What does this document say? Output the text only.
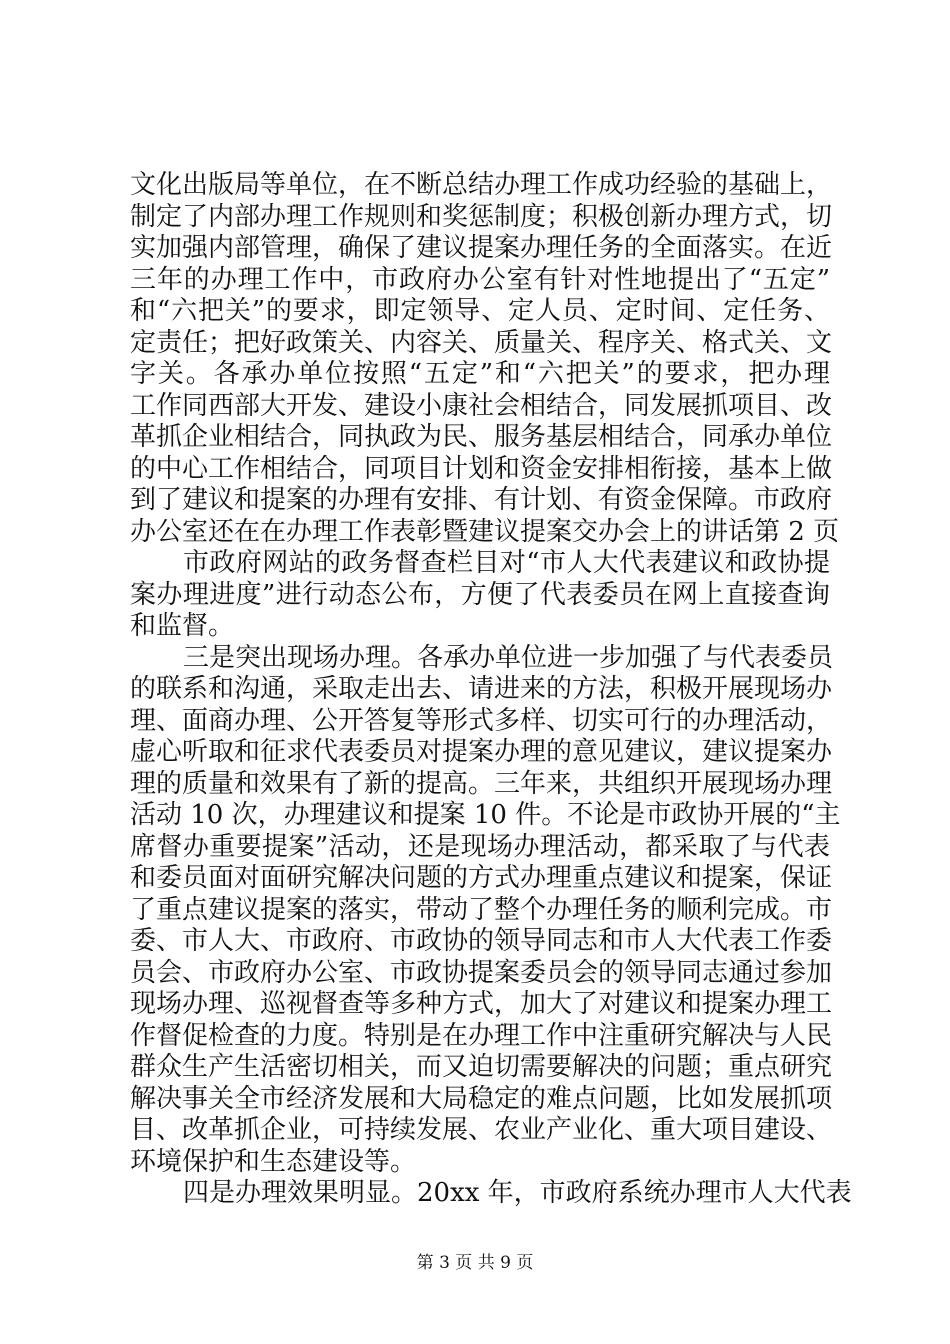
文化出版局等单位，在不断总结办理工作成功经验的基础上，
制定了内部办理工作规则和奖惩制度；积极创新办理方式，切
实加强内部管理，确保了建议提案办理任务的全面落实。在近
三年的办理工作中，市政府办公室有针对性地提出了“五定”
和“六把关”的要求，即定领导、定人员、定时间、定任务、
定责任；把好政策关、内容关、质量关、程序关、格式关、文
字关。各承办单位按照“五定”和“六把关”的要求，把办理
工作同西部大开发、建设小康社会相结合，同发展抓项目、改
革抓企业相结合，同执政为民、服务基层相结合，同承办单位
的中心工作相结合，同项目计划和资金安排相衔接，基本上做
到了建议和提案的办理有安排、有计划、有资金保障。市政府
办公室还在在办理工作表彰暨建议提案交办会上的讲话第 2 页
市政府网站的政务督查栏目对“市人大代表建议和政协提
案办理进度”进行动态公布，方便了代表委员在网上直接查询
和监督。
三是突出现场办理。各承办单位进一步加强了与代表委员
的联系和沟通，采取走出去、请进来的方法，积极开展现场办
理、面商办理、公开答复等形式多样、切实可行的办理活动，
虚心听取和征求代表委员对提案办理的意见建议，建议提案办
理的质量和效果有了新的提高。三年来，共组织开展现场办理
活动 10 次，办理建议和提案 10 件。不论是市政协开展的“主
席督办重要提案”活动，还是现场办理活动，都采取了与代表
和委员面对面研究解决问题的方式办理重点建议和提案，保证
了重点建议提案的落实，带动了整个办理任务的顺利完成。市
委、市人大、市政府、市政协的领导同志和市人大代表工作委
员会、市政府办公室、市政协提案委员会的领导同志通过参加
现场办理、巡视督查等多种方式，加大了对建议和提案办理工
作督促检查的力度。特别是在办理工作中注重研究解决与人民
群众生产生活密切相关，而又迫切需要解决的问题；重点研究
解决事关全市经济发展和大局稳定的难点问题，比如发展抓项
目、改革抓企业，可持续发展、农业产业化、重大项目建设、
环境保护和生态建设等。
四是办理效果明显。20xx 年，市政府系统办理市人大代表
第 3 页 共 9 页
